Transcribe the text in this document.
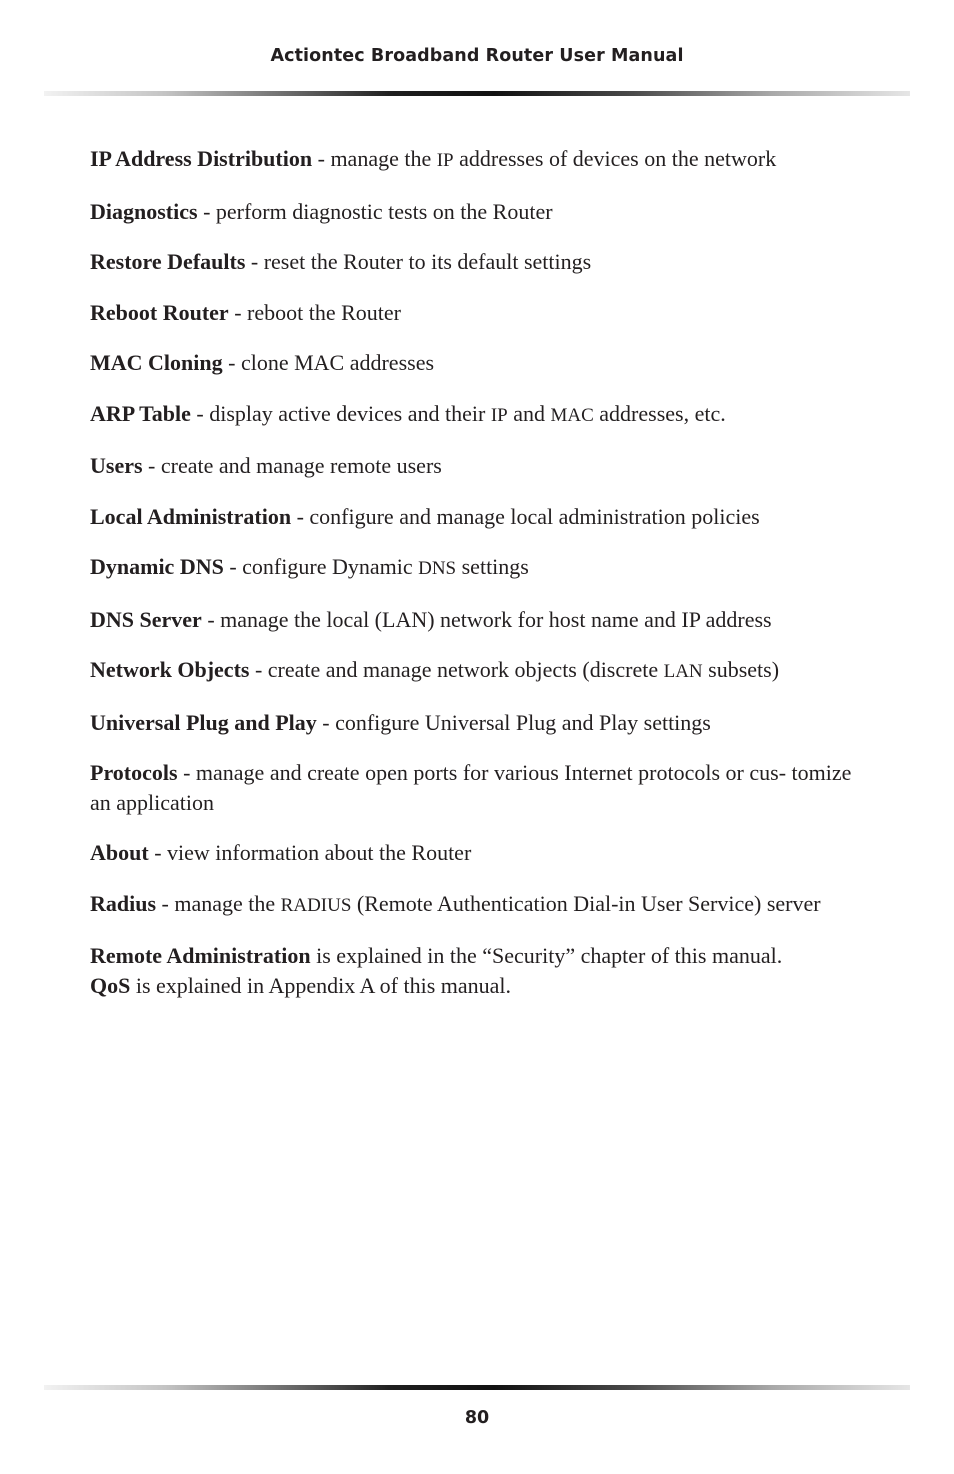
Actiontec Broadband Router User Manual

IP Address Distribution - manage the IP addresses of devices on the network

Diagnostics - perform diagnostic tests on the Router

Restore Defaults - reset the Router to its default settings

Reboot Router - reboot the Router

MAC Cloning - clone MAC addresses

ARP Table - display active devices and their IP and MAC addresses, etc.

Users - create and manage remote users

Local Administration - configure and manage local administration policies

Dynamic DNS - configure Dynamic DNS settings

DNS Server - manage the local (LAN) network for host name and IP address

Network Objects - create and manage network objects (discrete LAN subsets)

Universal Plug and Play - configure Universal Plug and Play settings

Protocols - manage and create open ports for various Internet protocols or cus- tomize an application

About - view information about the Router

Radius - manage the RADIUS (Remote Authentication Dial-in User Service) server

Remote Administration is explained in the “Security” chapter of this manual.
QoS is explained in Appendix A of this manual.

80
